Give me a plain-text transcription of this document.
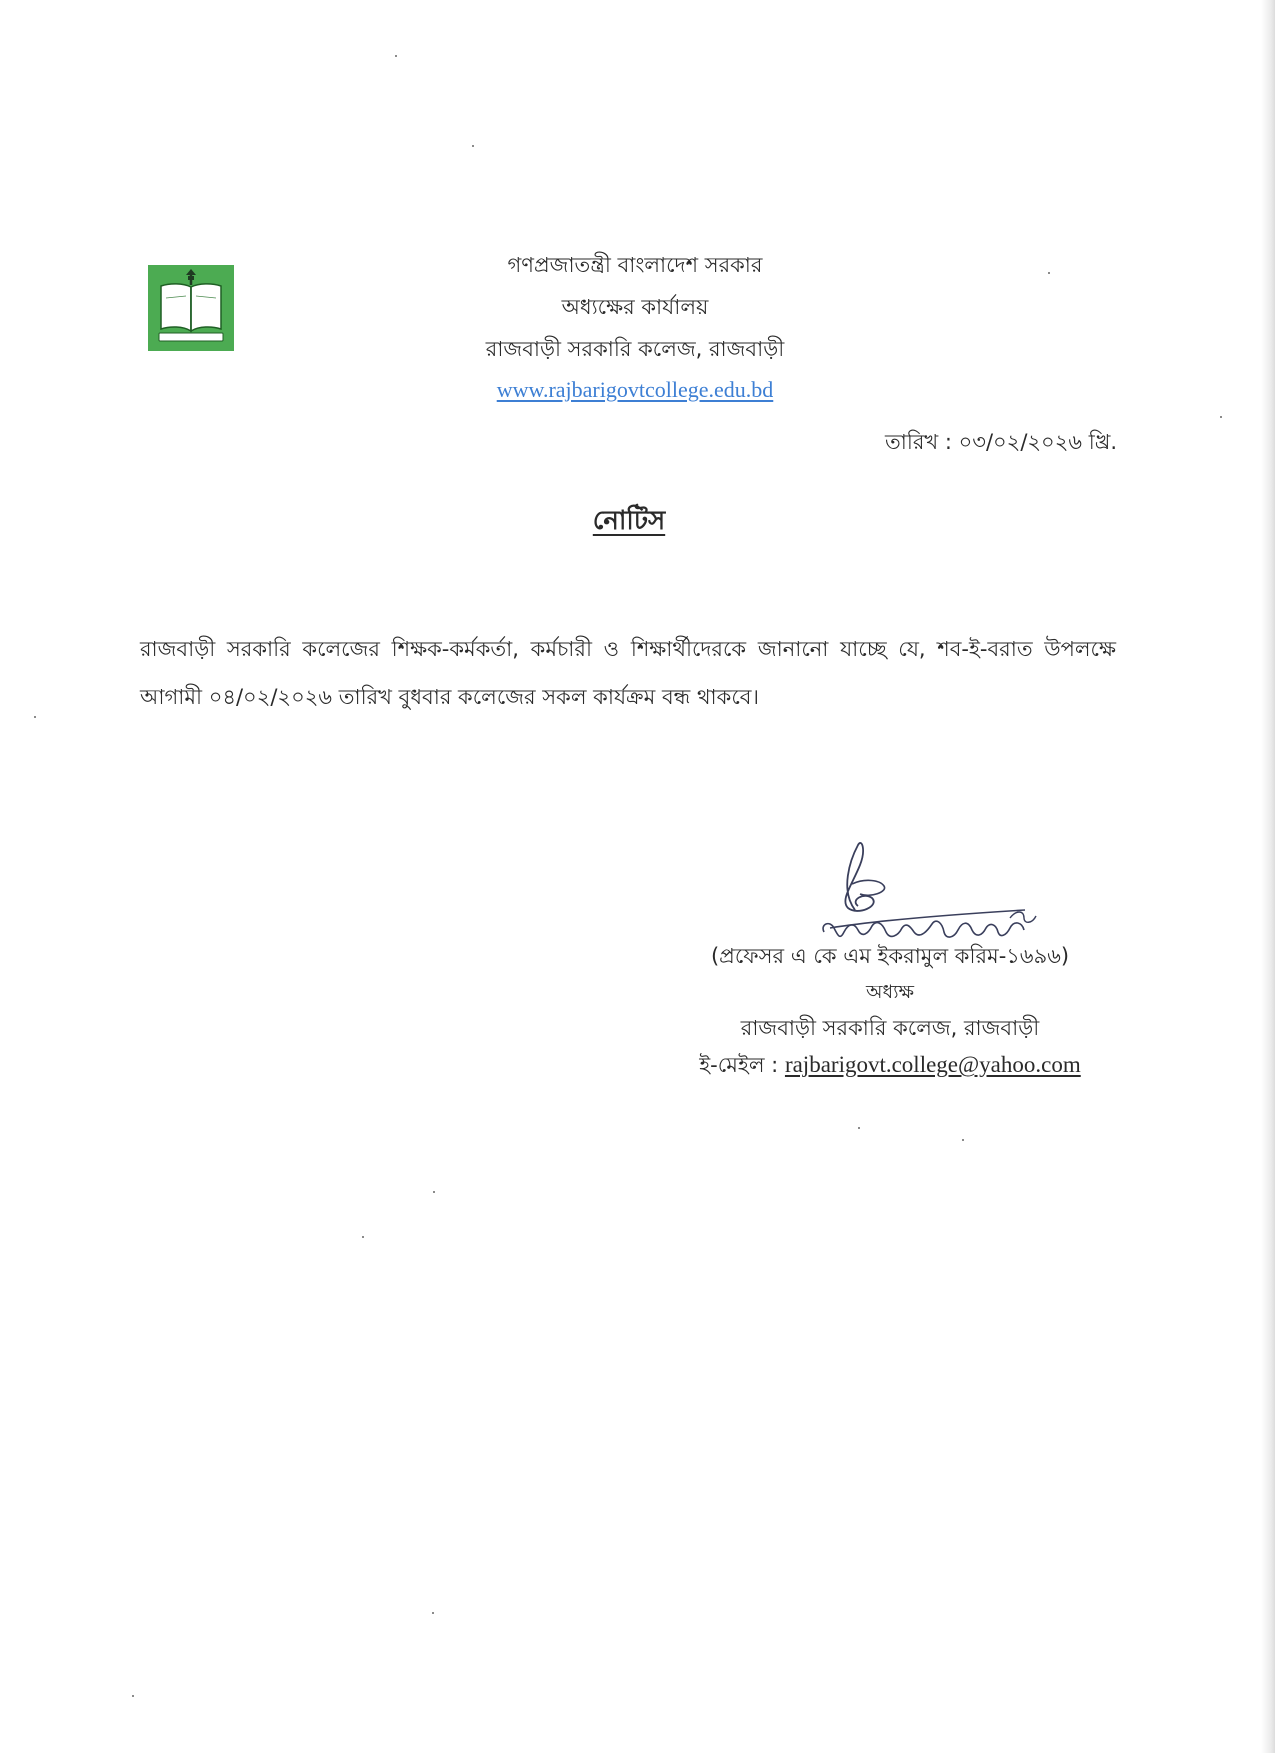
গণপ্রজাতন্ত্রী বাংলাদেশ সরকার
অধ্যক্ষের কার্যালয়
রাজবাড়ী সরকারি কলেজ, রাজবাড়ী
www.rajbarigovtcollege.edu.bd
তারিখ : ০৩/০২/২০২৬ খ্রি.
নোটিস
রাজবাড়ী সরকারি কলেজের শিক্ষক-কর্মকর্তা, কর্মচারী ও শিক্ষার্থীদেরকে জানানো যাচ্ছে যে, শব-ই-বরাত উপলক্ষে আগামী ০৪/০২/২০২৬ তারিখ বুধবার কলেজের সকল কার্যক্রম বন্ধ থাকবে।
(প্রফেসর এ কে এম ইকরামুল করিম-১৬৯৬)
অধ্যক্ষ
রাজবাড়ী সরকারি কলেজ, রাজবাড়ী
ই-মেইল : rajbarigovt.college@yahoo.com
